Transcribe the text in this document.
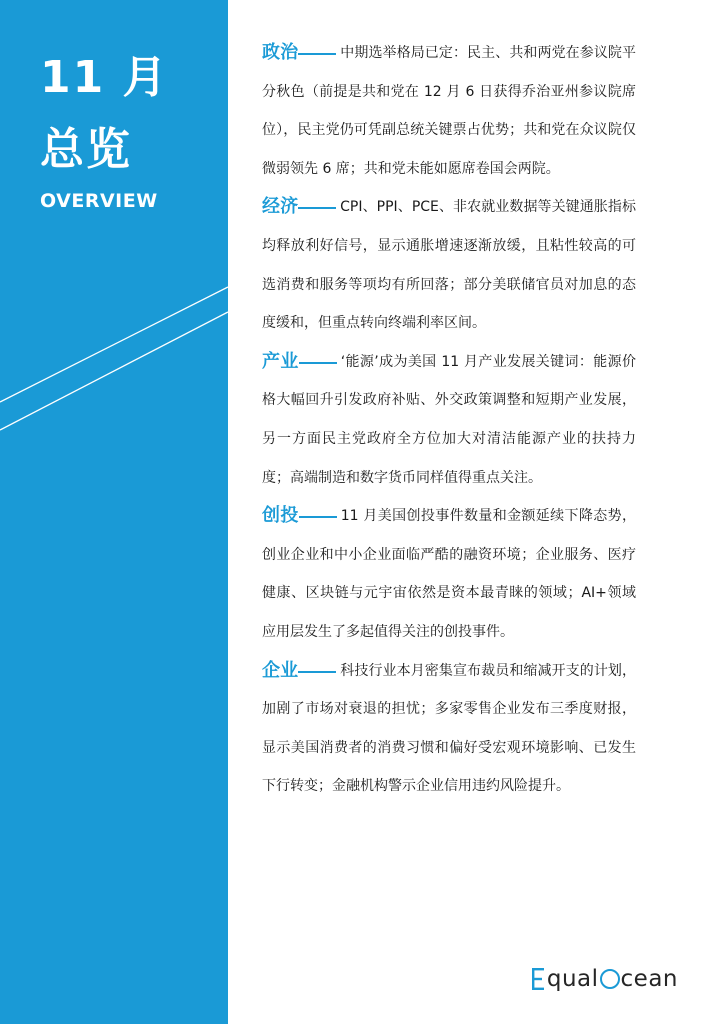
11 月
总览
OVERVIEW

政治	中期选举格局已定：民主、共和两党在参议院平分秋色（前提是共和党在 12 月 6 日获得乔治亚州参议院席位），民主党仍可凭副总统关键票占优势；共和党在众议院仅微弱领先 6 席；共和党未能如愿席卷国会两院。

经济	CPI、PPI、PCE、非农就业数据等关键通胀指标均释放利好信号，显示通胀增速逐渐放缓，且粘性较高的可选消费和服务等项均有所回落；部分美联储官员对加息的态度缓和，但重点转向终端利率区间。

产业	‘能源’成为美国 11 月产业发展关键词：能源价格大幅回升引发政府补贴、外交政策调整和短期产业发展，另一方面民主党政府全方位加大对清洁能源产业的扶持力度；高端制造和数字货币同样值得重点关注。

创投	11 月美国创投事件数量和金额延续下降态势，创业企业和中小企业面临严酷的融资环境；企业服务、医疗健康、区块链与元宇宙依然是资本最青睐的领域；AI+领域应用层发生了多起值得关注的创投事件。

企业	科技行业本月密集宣布裁员和缩减开支的计划，加剧了市场对衰退的担忧；多家零售企业发布三季度财报，显示美国消费者的消费习惯和偏好受宏观环境影响、已发生下行转变；金融机构警示企业信用违约风险提升。

qual cean
